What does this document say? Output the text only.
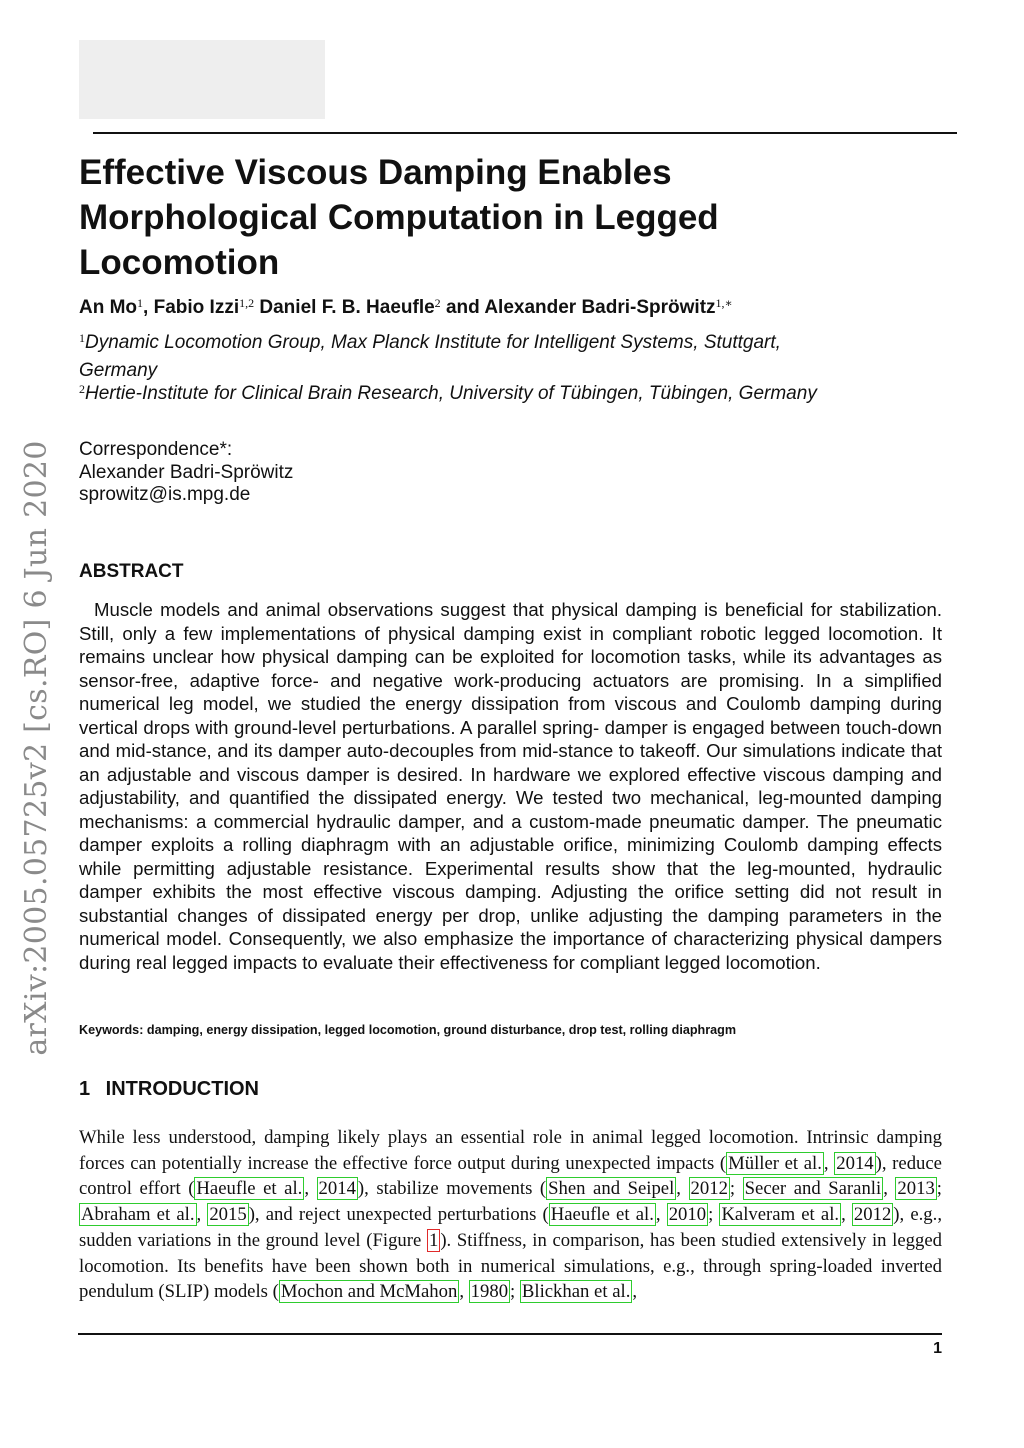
arXiv:2005.05725v2 [cs.RO] 6 Jun 2020
Effective Viscous Damping Enables Morphological Computation in Legged Locomotion
An Mo$^1$, Fabio Izzi$^{1,2}$ Daniel F. B. Haeufle$^2$ and Alexander Badri-Spröwitz$^{1,∗}$
$^1$Dynamic Locomotion Group, Max Planck Institute for Intelligent Systems, Stuttgart, Germany
$^2$Hertie-Institute for Clinical Brain Research, University of Tübingen, Tübingen, Germany
Correspondence*:
Alexander Badri-Spröwitz
sprowitz@is.mpg.de
ABSTRACT

Muscle models and animal observations suggest that physical damping is beneficial for stabilization. Still, only a few implementations of physical damping exist in compliant robotic legged locomotion. It remains unclear how physical damping can be exploited for locomotion tasks, while its advantages as sensor-free, adaptive force- and negative work-producing actuators are promising. In a simplified numerical leg model, we studied the energy dissipation from viscous and Coulomb damping during vertical drops with ground-level perturbations. A parallel spring- damper is engaged between touch-down and mid-stance, and its damper auto-decouples from mid-stance to takeoff. Our simulations indicate that an adjustable and viscous damper is desired. In hardware we explored effective viscous damping and adjustability, and quantified the dissipated energy. We tested two mechanical, leg-mounted damping mechanisms: a commercial hydraulic damper, and a custom-made pneumatic damper. The pneumatic damper exploits a rolling diaphragm with an adjustable orifice, minimizing Coulomb damping effects while permitting adjustable resistance. Experimental results show that the leg-mounted, hydraulic damper exhibits the most effective viscous damping. Adjusting the orifice setting did not result in substantial changes of dissipated energy per drop, unlike adjusting the damping parameters in the numerical model. Consequently, we also emphasize the importance of characterizing physical dampers during real legged impacts to evaluate their effectiveness for compliant legged locomotion.

Keywords: damping, energy dissipation, legged locomotion, ground disturbance, drop test, rolling diaphragm
1 INTRODUCTION

While less understood, damping likely plays an essential role in animal legged locomotion. Intrinsic damping forces can potentially increase the effective force output during unexpected impacts ( Müller et al. , 2014 ), reduce control effort ( Haeufle et al. , 2014 ), stabilize movements ( Shen and Seipel , 2012 ; Secer and Saranli , 2013 ; Abraham et al. , 2015 ), and reject unexpected perturbations ( Haeufle et al. , 2010 ; Kalveram et al. , 2012 ), e.g., sudden variations in the ground level (Figure 1 ). Stiffness, in comparison, has been studied extensively in legged locomotion. Its benefits have been shown both in numerical simulations, e.g., through spring-loaded inverted pendulum (SLIP) models ( Mochon and McMahon , 1980 ; Blickhan et al. ,

1
